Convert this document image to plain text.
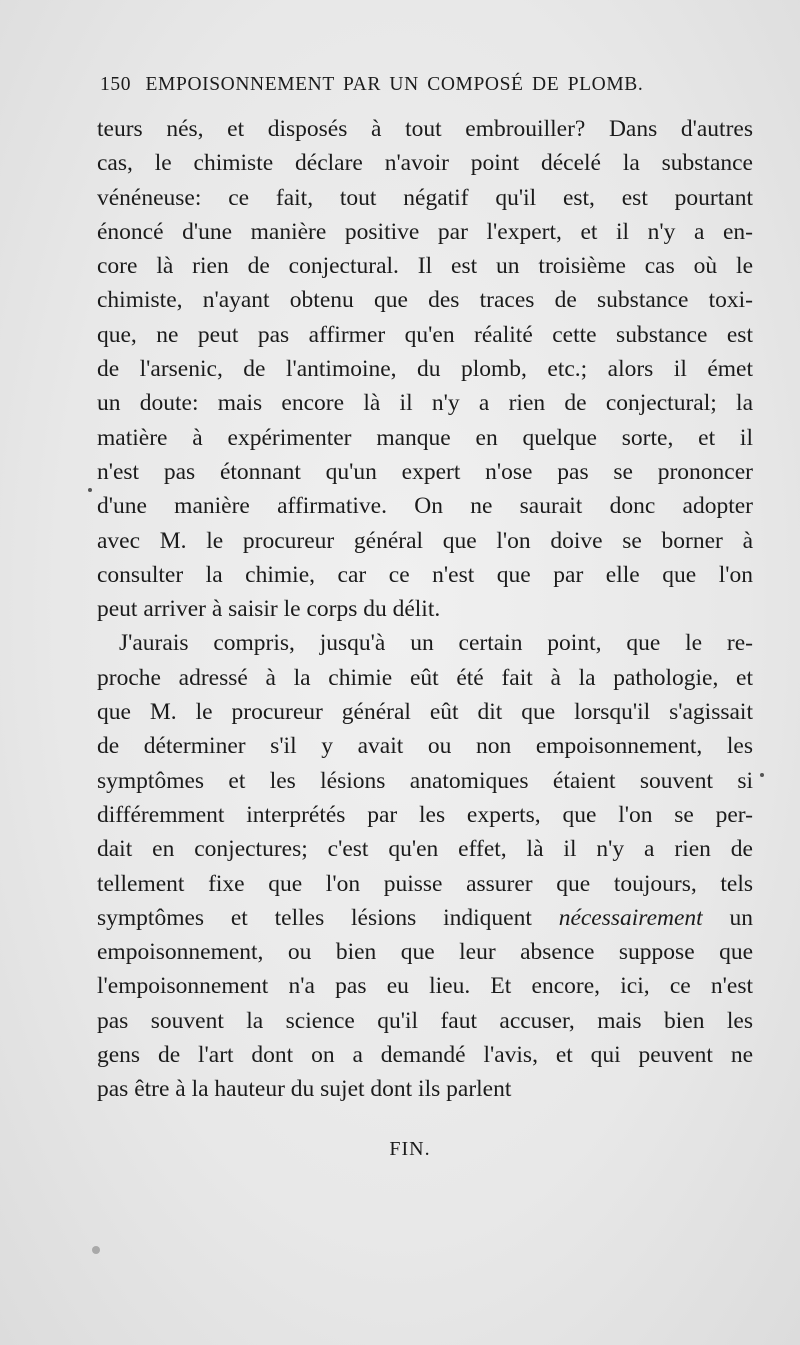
150 EMPOISONNEMENT PAR UN COMPOSÉ DE PLOMB.
teurs nés, et disposés à tout embrouiller? Dans d'autres
cas, le chimiste déclare n'avoir point décelé la substance
vénéneuse: ce fait, tout négatif qu'il est, est pourtant
énoncé d'une manière positive par l'expert, et il n'y a en-
core là rien de conjectural. Il est un troisième cas où le
chimiste, n'ayant obtenu que des traces de substance toxi-
que, ne peut pas affirmer qu'en réalité cette substance est
de l'arsenic, de l'antimoine, du plomb, etc.; alors il émet
un doute: mais encore là il n'y a rien de conjectural; la
matière à expérimenter manque en quelque sorte, et il
n'est pas étonnant qu'un expert n'ose pas se prononcer
d'une manière affirmative. On ne saurait donc adopter
avec M. le procureur général que l'on doive se borner à
consulter la chimie, car ce n'est que par elle que l'on
peut arriver à saisir le corps du délit.
J'aurais compris, jusqu'à un certain point, que le re-
proche adressé à la chimie eût été fait à la pathologie, et
que M. le procureur général eût dit que lorsqu'il s'agissait
de déterminer s'il y avait ou non empoisonnement, les
symptômes et les lésions anatomiques étaient souvent si
différemment interprétés par les experts, que l'on se per-
dait en conjectures; c'est qu'en effet, là il n'y a rien de
tellement fixe que l'on puisse assurer que toujours, tels
symptômes et telles lésions indiquent nécessairement un
empoisonnement, ou bien que leur absence suppose que
l'empoisonnement n'a pas eu lieu. Et encore, ici, ce n'est
pas souvent la science qu'il faut accuser, mais bien les
gens de l'art dont on a demandé l'avis, et qui peuvent ne
pas être à la hauteur du sujet dont ils parlent
FIN.
